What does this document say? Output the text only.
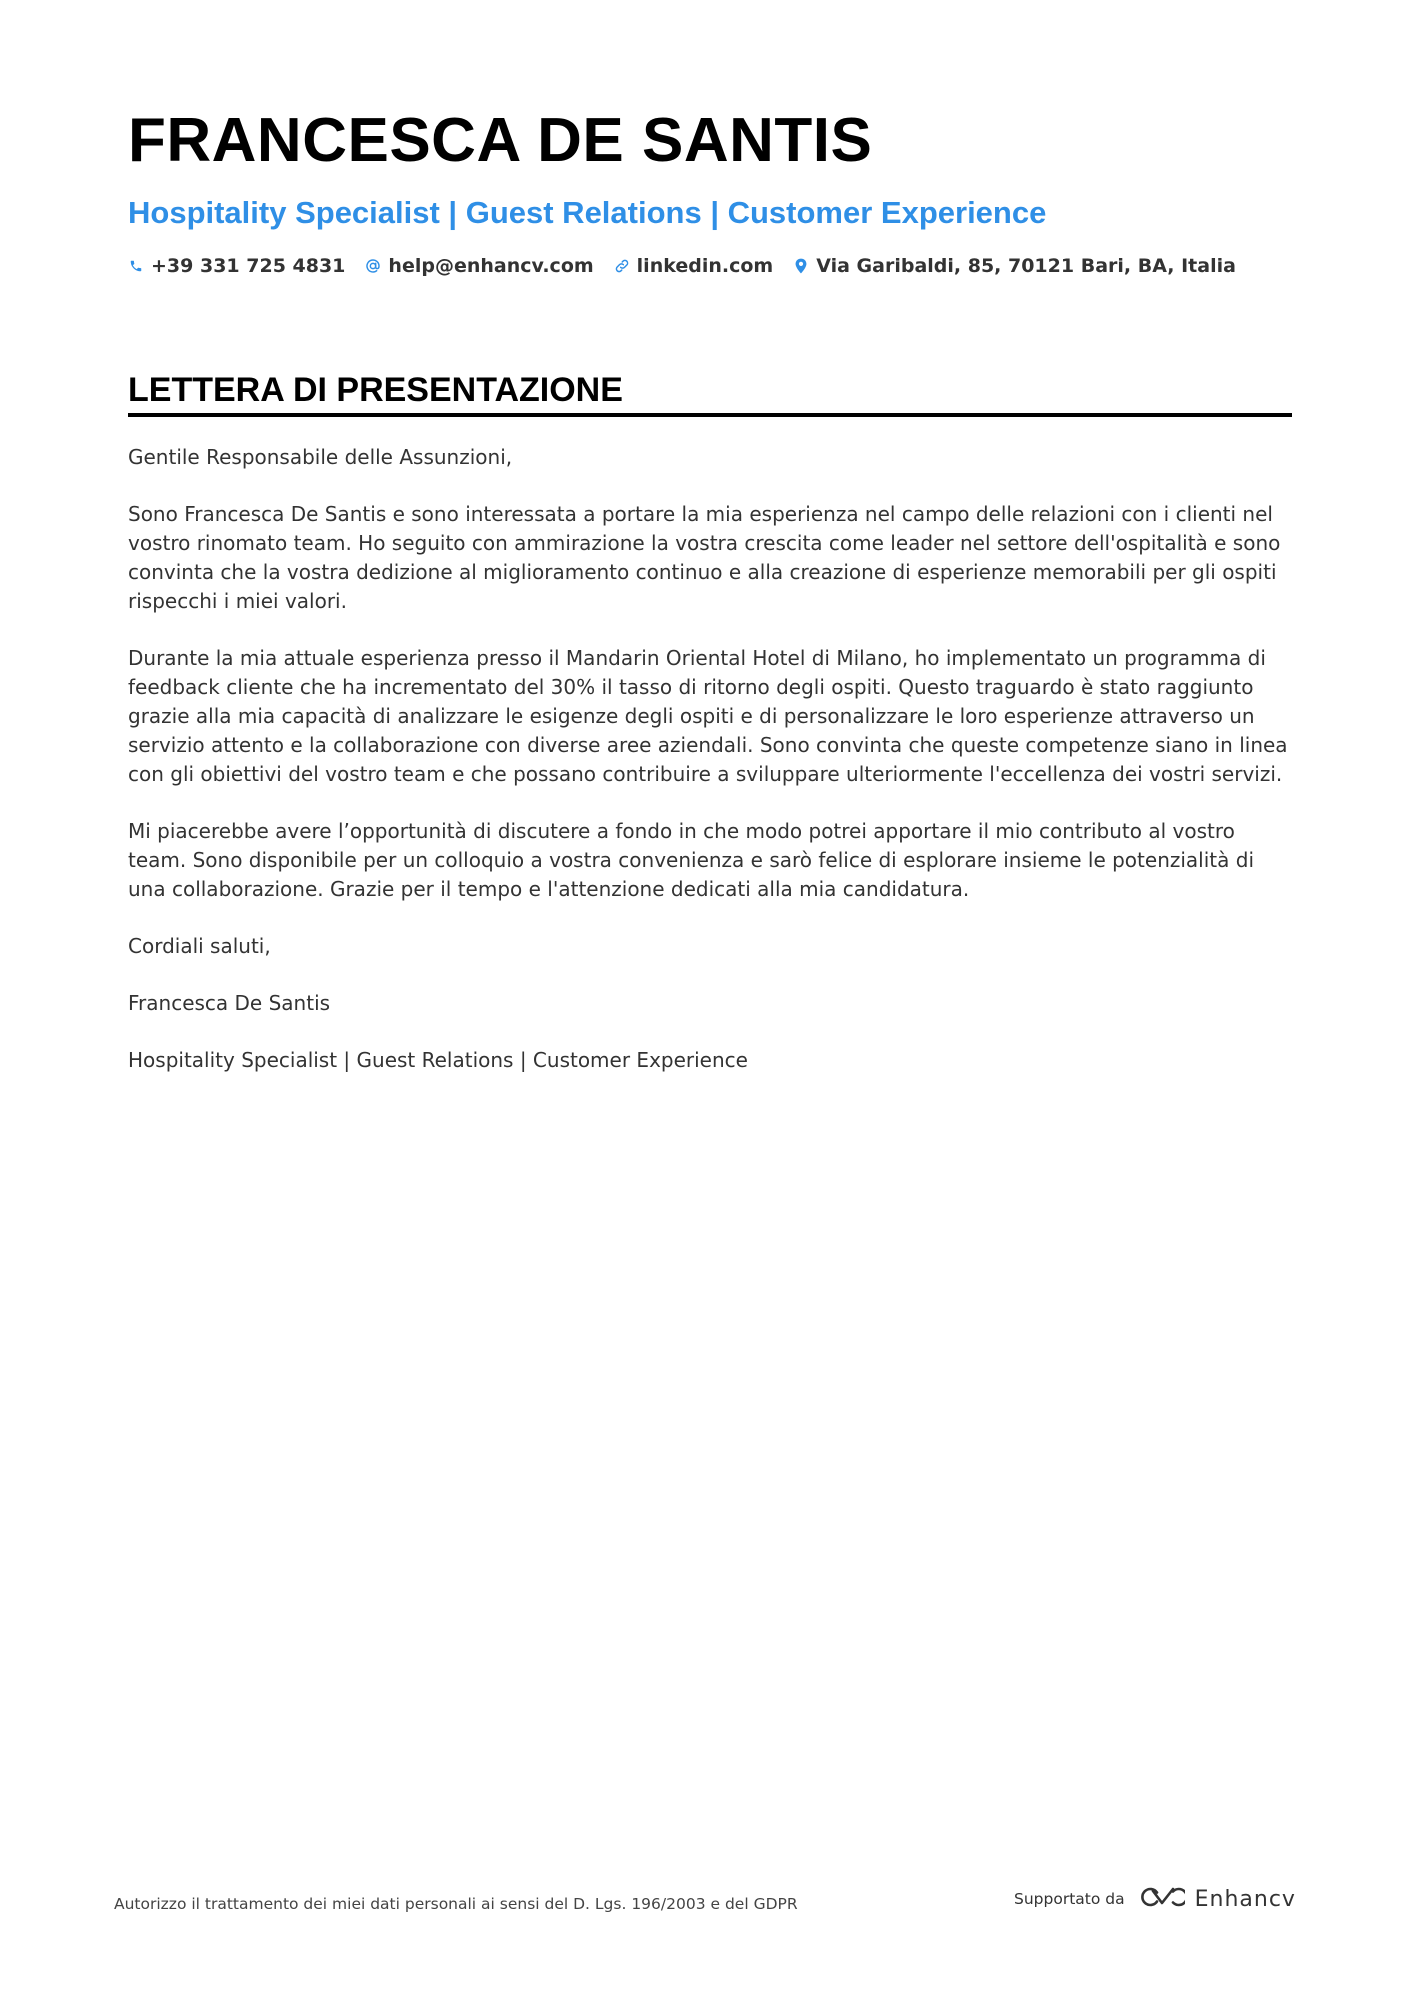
FRANCESCA DE SANTIS
Hospitality Specialist | Guest Relations | Customer Experience
+39 331 725 4831 help@enhancv.com linkedin.com Via Garibaldi, 85, 70121 Bari, BA, Italia
LETTERA DI PRESENTAZIONE

Gentile Responsabile delle Assunzioni,

Sono Francesca De Santis e sono interessata a portare la mia esperienza nel campo delle relazioni con i clienti nel vostro rinomato team. Ho seguito con ammirazione la vostra crescita come leader nel settore dell'ospitalità e sono convinta che la vostra dedizione al miglioramento continuo e alla creazione di esperienze memorabili per gli ospiti rispecchi i miei valori.

Durante la mia attuale esperienza presso il Mandarin Oriental Hotel di Milano, ho implementato un programma di feedback cliente che ha incrementato del 30% il tasso di ritorno degli ospiti. Questo traguardo è stato raggiunto grazie alla mia capacità di analizzare le esigenze degli ospiti e di personalizzare le loro esperienze attraverso un servizio attento e la collaborazione con diverse aree aziendali. Sono convinta che queste competenze siano in linea con gli obiettivi del vostro team e che possano contribuire a sviluppare ulteriormente l'eccellenza dei vostri servizi.

Mi piacerebbe avere l’opportunità di discutere a fondo in che modo potrei apportare il mio contributo al vostro team. Sono disponibile per un colloquio a vostra convenienza e sarò felice di esplorare insieme le potenzialità di una collaborazione. Grazie per il tempo e l'attenzione dedicati alla mia candidatura.

Cordiali saluti,

Francesca De Santis

Hospitality Specialist | Guest Relations | Customer Experience

Autorizzo il trattamento dei miei dati personali ai sensi del D. Lgs. 196/2003 e del GDPR	Supportato da	Enhancv
